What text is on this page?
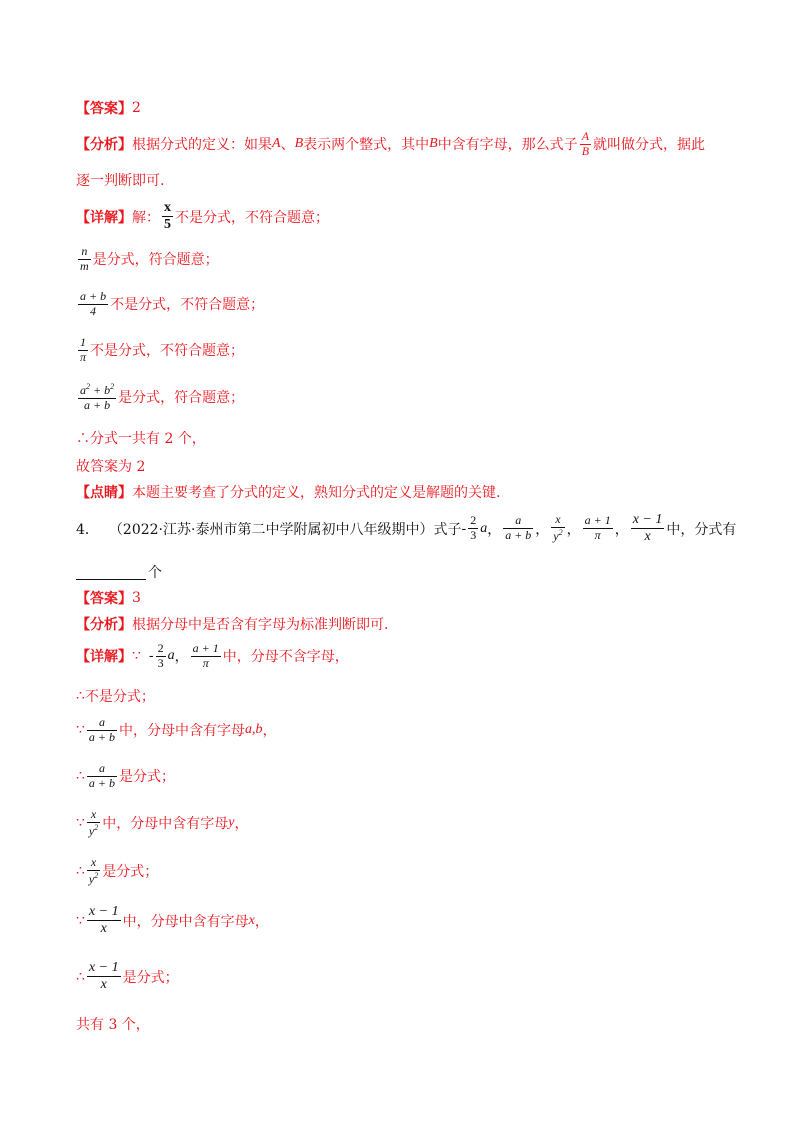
【答案】 2
【分析】 根据分式的定义：如果 A 、 B 表示两个整式，其中 B 中含有字母，那么式子 $\frac{A}{B}$ 就叫做分式，据此
逐一判断即可.
【详解】 解： $\frac{x}{5}$ 不是分式，不符合题意；
$\frac{n}{m}$ 是分式，符合题意；
$\frac{a + b}{4}$ 不是分式，不符合题意；
$\frac{1}{\pi}$ 不是分式，不符合题意；
$\frac{a^2 + b^2}{a + b}$ 是分式，符合题意；
∴分式一共有 2 个，
故答案为 2
【点睛】 本题主要考查了分式的定义，熟知分式的定义是解题的关键.
4． （2022·江苏·泰州市第二中学附属初中八年级期中）式子 - $\frac{2}{3}$ a ， $\frac{a}{a + b}$ ， $\frac{x}{y^2}$ ， $\frac{a + 1}{\pi}$ ， $\frac{x - 1}{x}$ 中，分式有
个
【答案】 3
【分析】 根据分母中是否含有字母为标准判断即可.
【详解】 ∵ - $\frac{2}{3}$ a ， $\frac{a + 1}{\pi}$ 中，分母不含字母，
∴ 不是分式；
∵ $\frac{a}{a + b}$ 中，分母中含有字母 a,b ，
∴ $\frac{a}{a + b}$ 是分式；
∵ $\frac{x}{y^2}$ 中，分母中含有字母 y ，
∴ $\frac{x}{y^2}$ 是分式；
∵ $\frac{x - 1}{x}$ 中，分母中含有字母 x ，
∴ $\frac{x - 1}{x}$ 是分式；
共有 3 个，
